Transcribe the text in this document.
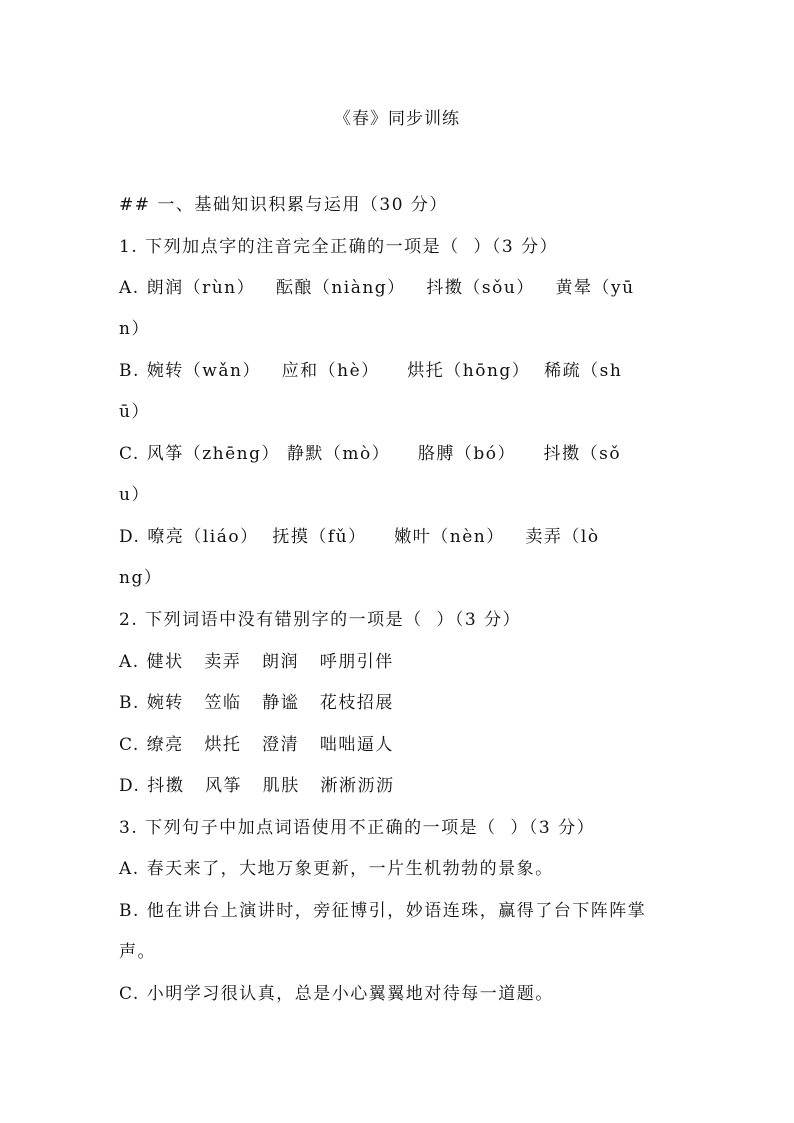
《春》同步训练
## 一、基础知识积累与运用（30 分）
1. 下列加点字的注音完全正确的一项是（  ）（3 分）
A. 朗润（rùn）   酝酿（niàng）   抖擞（sǒu）   黄晕（yū
n）
B. 婉转（wǎn）   应和（hè）    烘托（hōng）  稀疏（sh
ū）
C. 风筝（zhēng） 静默（mò）    胳膊（bó）    抖擞（sǒ
u）
D. 嘹亮（liáo）  抚摸（fǔ）    嫩叶（nèn）   卖弄（lò
ng）
2. 下列词语中没有错别字的一项是（  ）（3 分）
A. 健状   卖弄   朗润   呼朋引伴
B. 婉转   笠临   静谧   花枝招展
C. 缭亮   烘托   澄清   咄咄逼人
D. 抖擞   风筝   肌肤   淅淅沥沥
3. 下列句子中加点词语使用不正确的一项是（  ）（3 分）
A. 春天来了，大地万象更新，一片生机勃勃的景象。
B. 他在讲台上演讲时，旁征博引，妙语连珠，赢得了台下阵阵掌
声。
C. 小明学习很认真，总是小心翼翼地对待每一道题。
